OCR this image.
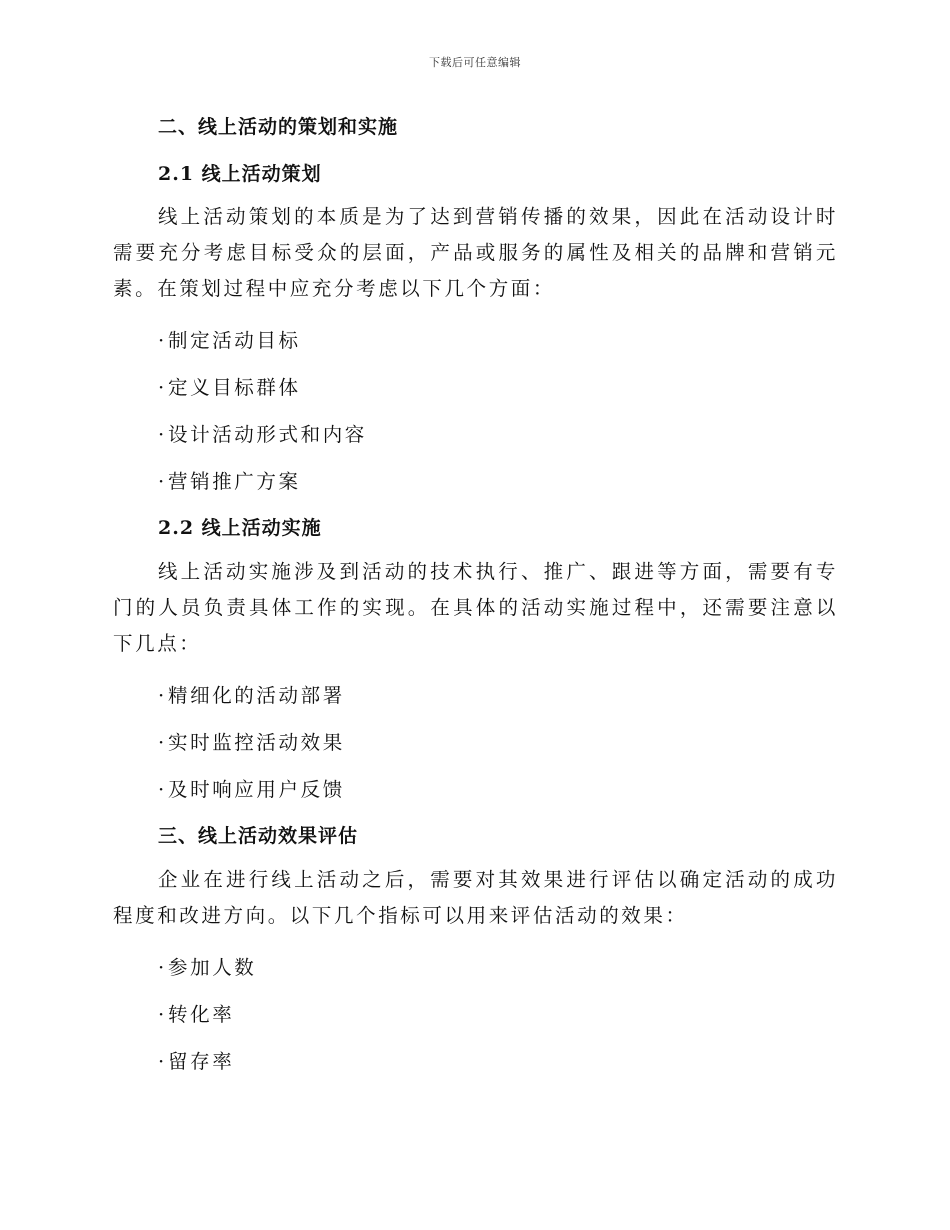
下载后可任意编辑
二、线上活动的策划和实施
2.1 线上活动策划

线上活动策划的本质是为了达到营销传播的效果，因此在活动设计时需要充分考虑目标受众的层面，产品或服务的属性及相关的品牌和营销元素。在策划过程中应充分考虑以下几个方面：

·制定活动目标

·定义目标群体

·设计活动形式和内容

·营销推广方案

2.2 线上活动实施

线上活动实施涉及到活动的技术执行、推广、跟进等方面，需要有专门的人员负责具体工作的实现。在具体的活动实施过程中，还需要注意以下几点：

·精细化的活动部署

·实时监控活动效果

·及时响应用户反馈

三、线上活动效果评估

企业在进行线上活动之后，需要对其效果进行评估以确定活动的成功程度和改进方向。以下几个指标可以用来评估活动的效果：

·参加人数

·转化率

·留存率
